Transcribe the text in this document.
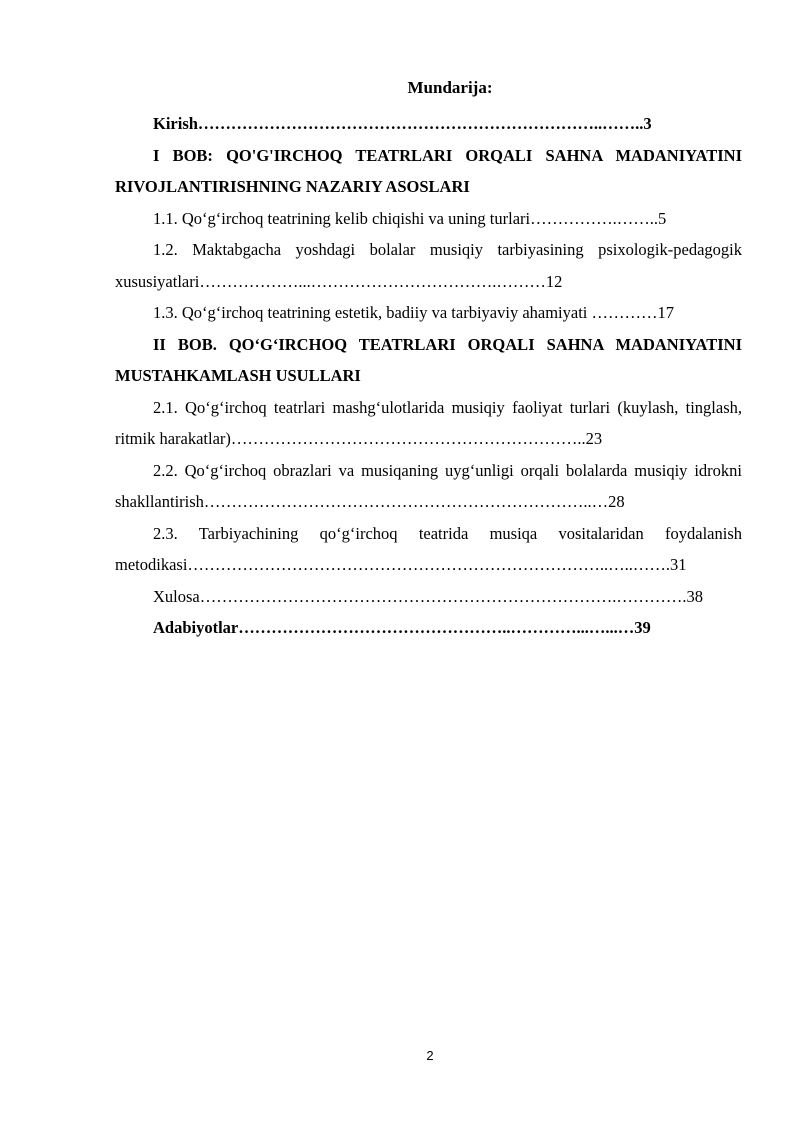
Mundarija:

Kirish………………………………………………………………..……..3

I BOB: QO'G'IRCHOQ TEATRLARI ORQALI SAHNA MADANIYATINI RIVOJLANTIRISHNING NAZARIY ASOSLARI

1.1. Qo‘g‘irchoq teatrining kelib chiqishi va uning turlari…………….……..5

1.2. Maktabgacha yoshdagi bolalar musiqiy tarbiyasining psixologik-pedagogik xususiyatlari………………...…………………………….………12

1.3. Qo‘g‘irchoq teatrining estetik, badiiy va tarbiyaviy ahamiyati …………17

II BOB. QO‘G‘IRCHOQ TEATRLARI ORQALI SAHNA MADANIYATINI MUSTAHKAMLASH USULLARI

2.1. Qo‘g‘irchoq teatrlari mashg‘ulotlarida musiqiy faoliyat turlari (kuylash, tinglash, ritmik harakatlar)………………………………………………………..23

2.2. Qo‘g‘irchoq obrazlari va musiqaning uyg‘unligi orqali bolalarda musiqiy idrokni shakllantirish……………………………………………………………..…28

2.3. Tarbiyachining qo‘g‘irchoq teatrida musiqa vositalaridan foydalanish metodikasi…………………………………………………………………..…..…….31

Xulosa………………………………………………………………….………….38

Adabiyotlar…………………………………………..…………...…...…39

2
